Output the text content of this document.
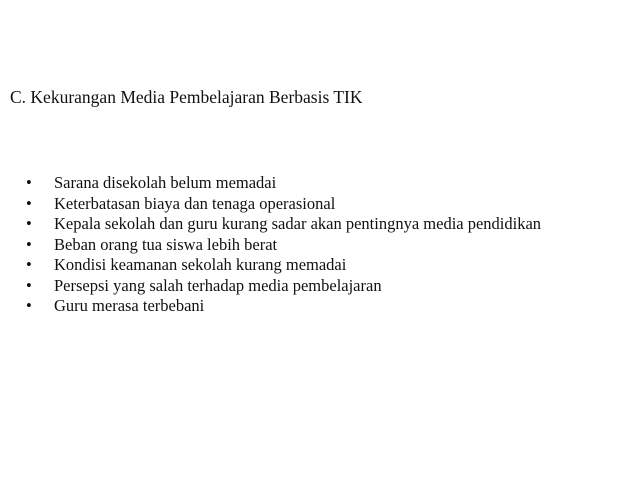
C. Kekurangan Media Pembelajaran Berbasis TIK
•	Sarana disekolah belum memadai
•	Keterbatasan biaya dan tenaga operasional
•	Kepala sekolah dan guru kurang sadar akan pentingnya media pendidikan
•	Beban orang tua siswa lebih berat
•	Kondisi keamanan sekolah kurang memadai
•	Persepsi yang salah terhadap media pembelajaran
•	Guru merasa terbebani
